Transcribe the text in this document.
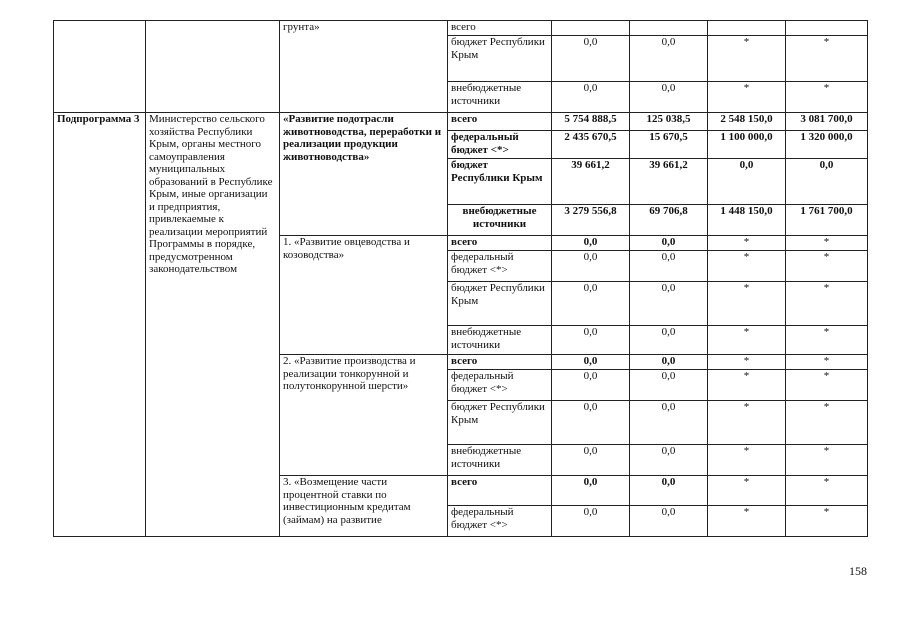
		грунта»	всего				
			бюджет Республики Крым	0,0	0,0	*	*
			внебюджетные источники	0,0	0,0	*	*
Подпрограмма 3	Министерство сельского хозяйства Республики Крым, органы местного самоуправления муниципальных образований в Республике Крым, иные организации и предприятия, привлекаемые к реализации мероприятий Программы в порядке, предусмотренном законодательством	«Развитие подотрасли животноводства, переработки и реализации продукции животноводства»	всего	5 754 888,5	125 038,5	2 548 150,0	3 081 700,0
			федеральный бюджет <*>	2 435 670,5	15 670,5	1 100 000,0	1 320 000,0
			бюджет Республики Крым	39 661,2	39 661,2	0,0	0,0
			внебюджетные источники	3 279 556,8	69 706,8	1 448 150,0	1 761 700,0
		1. «Развитие овцеводства и козоводства»	всего	0,0	0,0	*	*
			федеральный бюджет <*>	0,0	0,0	*	*
			бюджет Республики Крым	0,0	0,0	*	*
			внебюджетные источники	0,0	0,0	*	*
		2. «Развитие производства и реализации тонкорунной и полутонкорунной шерсти»	всего	0,0	0,0	*	*
			федеральный бюджет <*>	0,0	0,0	*	*
			бюджет Республики Крым	0,0	0,0	*	*
			внебюджетные источники	0,0	0,0	*	*
		3. «Возмещение части процентной ставки по инвестиционным кредитам (займам) на развитие	всего	0,0	0,0	*	*
			федеральный бюджет <*>	0,0	0,0	*	*
158
